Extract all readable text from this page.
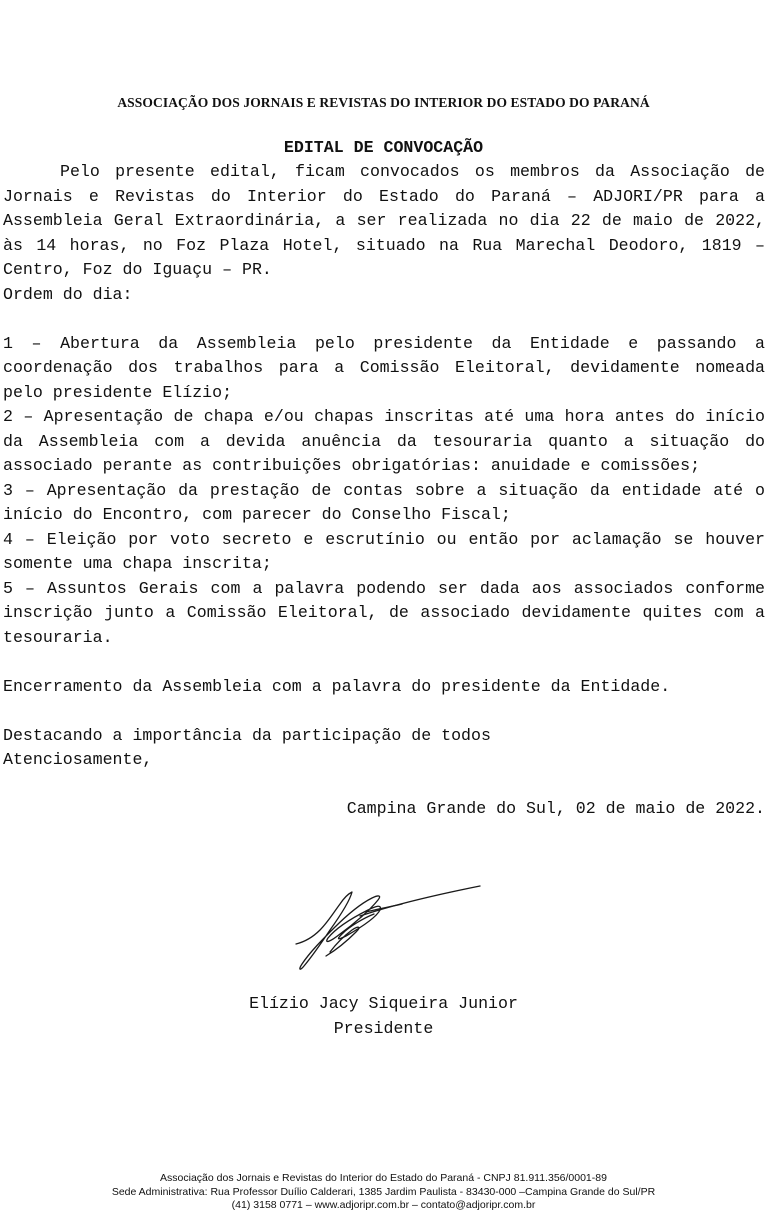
ASSOCIAÇÃO DOS JORNAIS E REVISTAS DO INTERIOR DO ESTADO DO PARANÁ
EDITAL DE CONVOCAÇÃO

Pelo presente edital, ficam convocados os membros da Associação de Jornais e Revistas do Interior do Estado do Paraná – ADJORI/PR para a Assembleia Geral Extraordinária, a ser realizada no dia 22 de maio de 2022, às 14 horas, no Foz Plaza Hotel, situado na Rua Marechal Deodoro, 1819 – Centro, Foz do Iguaçu – PR.

Ordem do dia:

1 – Abertura da Assembleia pelo presidente da Entidade e passando a coordenação dos trabalhos para a Comissão Eleitoral, devidamente nomeada pelo presidente Elízio;

2 – Apresentação de chapa e/ou chapas inscritas até uma hora antes do início da Assembleia com a devida anuência da tesouraria quanto a situação do associado perante as contribuições obrigatórias: anuidade e comissões;

3 – Apresentação da prestação de contas sobre a situação da entidade até o início do Encontro, com parecer do Conselho Fiscal;

4 – Eleição por voto secreto e escrutínio ou então por aclamação se houver somente uma chapa inscrita;

5 – Assuntos Gerais com a palavra podendo ser dada aos associados conforme inscrição junto a Comissão Eleitoral, de associado devidamente quites com a tesouraria.

Encerramento da Assembleia com a palavra do presidente da Entidade.

Destacando a importância da participação de todos

Atenciosamente,

Campina Grande do Sul, 02 de maio de 2022.

Elízio Jacy Siqueira Junior
Presidente
Associação dos Jornais e Revistas do Interior do Estado do Paraná - CNPJ 81.911.356/0001-89
Sede Administrativa: Rua Professor Duílio Calderari, 1385 Jardim Paulista - 83430-000 –Campina Grande do Sul/PR
(41) 3158 0771 – www.adjoripr.com.br – contato@adjoripr.com.br
